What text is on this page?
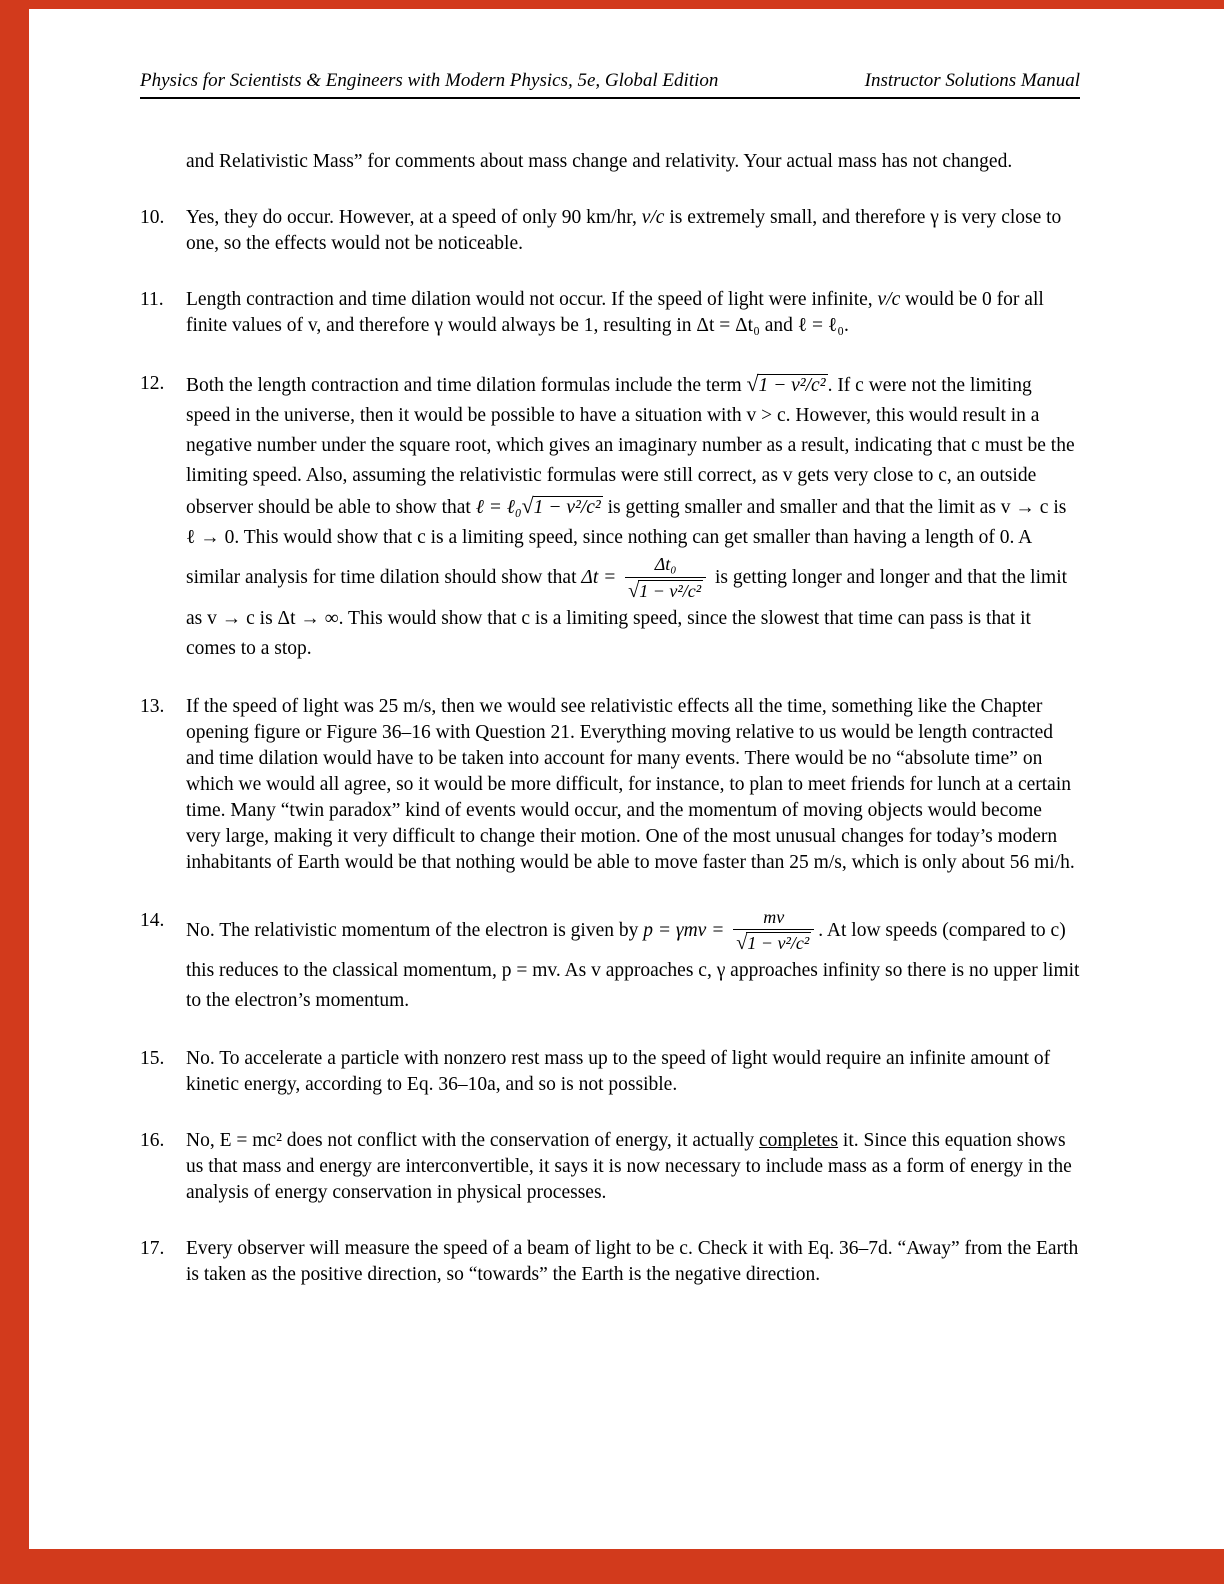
Physics for Scientists & Engineers with Modern Physics, 5e, Global Edition	Instructor Solutions Manual
and Relativistic Mass” for comments about mass change and relativity. Your actual mass has not changed.
10.	Yes, they do occur. However, at a speed of only 90 km/hr, v/c is extremely small, and therefore γ is very close to one, so the effects would not be noticeable.
11.	Length contraction and time dilation would not occur. If the speed of light were infinite, v/c would be 0 for all finite values of v, and therefore γ would always be 1, resulting in Δt = Δt₀ and ℓ = ℓ₀.
12.	Both the length contraction and time dilation formulas include the term √1 − v²/c² . If c were not the limiting speed in the universe, then it would be possible to have a situation with v > c. However, this would result in a negative number under the square root, which gives an imaginary number as a result, indicating that c must be the limiting speed. Also, assuming the relativistic formulas were still correct, as v gets very close to c, an outside observer should be able to show that ℓ = ℓ₀√1 − v²/c² is getting smaller and smaller and that the limit as v → c is ℓ → 0. This would show that c is a limiting speed, since nothing can get smaller than having a length of 0. A similar analysis for time dilation should show that $\Delta t = \frac{\text{Δt₀}}{\text{√1 − v²/c²}}$ is getting longer and longer and that the limit as v → c is Δt → ∞. This would show that c is a limiting speed, since the slowest that time can pass is that it comes to a stop.
13.	If the speed of light was 25 m/s, then we would see relativistic effects all the time, something like the Chapter opening figure or Figure 36–16 with Question 21. Everything moving relative to us would be length contracted and time dilation would have to be taken into account for many events. There would be no “absolute time” on which we would all agree, so it would be more difficult, for instance, to plan to meet friends for lunch at a certain time. Many “twin paradox” kind of events would occur, and the momentum of moving objects would become very large, making it very difficult to change their motion. One of the most unusual changes for today’s modern inhabitants of Earth would be that nothing would be able to move faster than 25 m/s, which is only about 56 mi/h.
14.	No. The relativistic momentum of the electron is given by $p = \gamma mv = \frac{mv}{\text{√1 − v²/c²}}$ . At low speeds (compared to c) this reduces to the classical momentum, p = mv. As v approaches c, γ approaches infinity so there is no upper limit to the electron’s momentum.
15.	No. To accelerate a particle with nonzero rest mass up to the speed of light would require an infinite amount of kinetic energy, according to Eq. 36–10a, and so is not possible.
16.	No, E = mc² does not conflict with the conservation of energy, it actually completes it. Since this equation shows us that mass and energy are interconvertible, it says it is now necessary to include mass as a form of energy in the analysis of energy conservation in physical processes.
17.	Every observer will measure the speed of a beam of light to be c. Check it with Eq. 36–7d. “Away” from the Earth is taken as the positive direction, so “towards” the Earth is the negative direction.
